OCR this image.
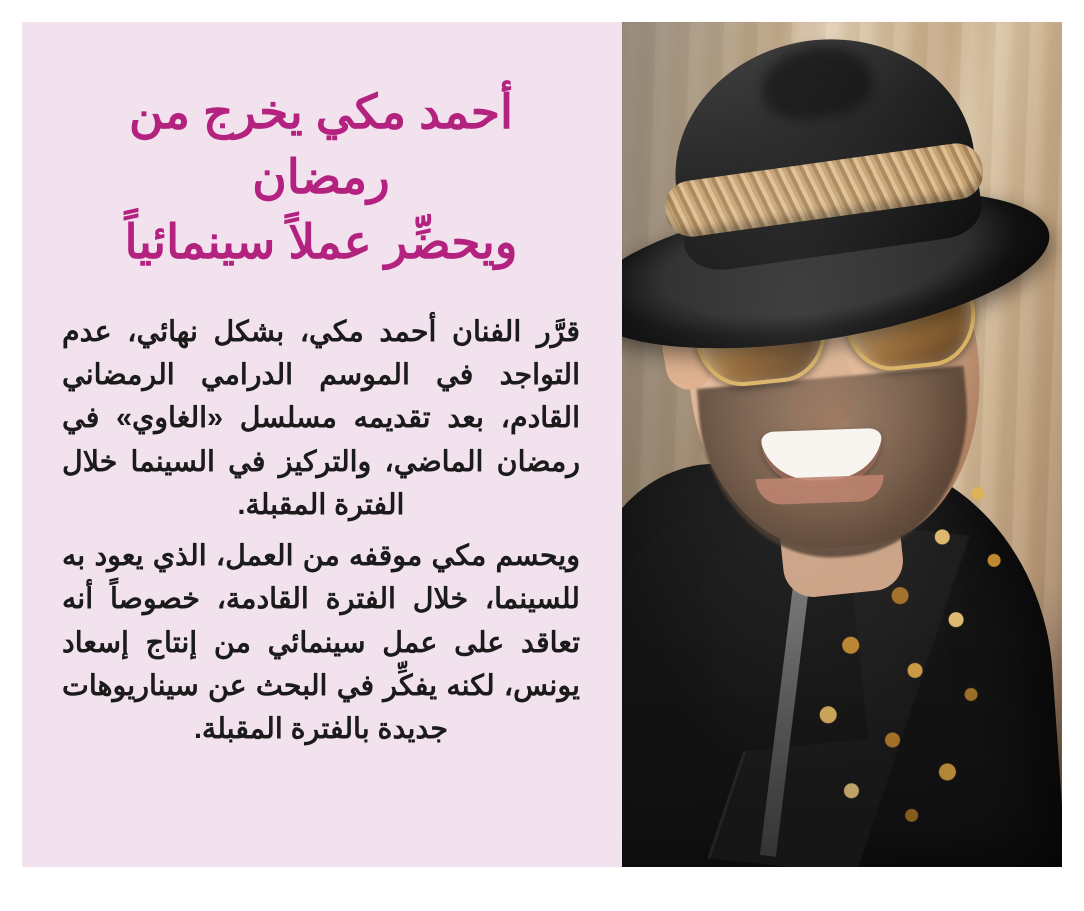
أحمد مكي يخرج من رمضان
ويحضِّر عملاً سينمائياً

قرَّر الفنان أحمد مكي، بشكل نهائي، عدم التواجد في الموسم الدرامي الرمضاني القادم، بعد تقديمه مسلسل «الغاوي» في رمضان الماضي، والتركيز في السينما خلال الفترة المقبلة.

ويحسم مكي موقفه من العمل، الذي يعود به للسينما، خلال الفترة القادمة، خصوصاً أنه تعاقد على عمل سينمائي من إنتاج إسعاد يونس، لكنه يفكِّر في البحث عن سيناريوهات جديدة بالفترة المقبلة.
